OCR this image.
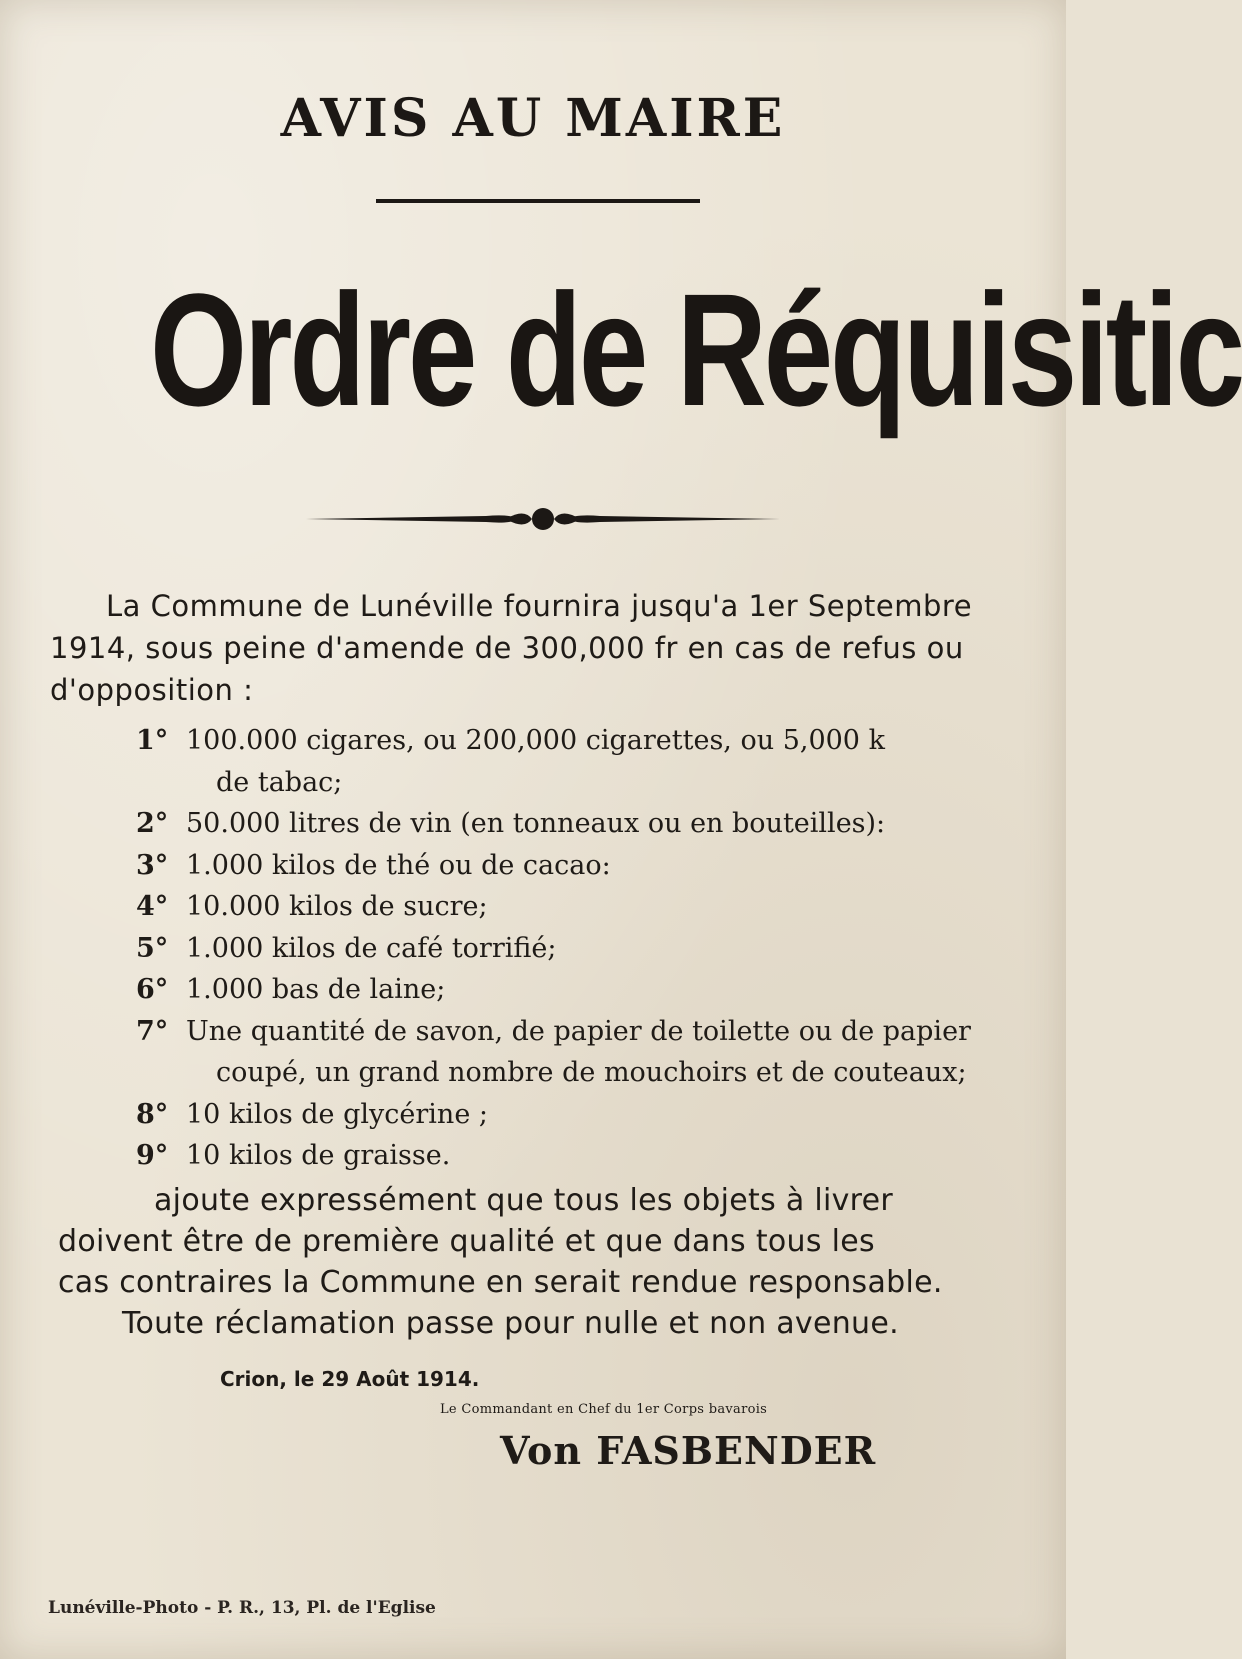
AVIS AU MAIRE
Ordre de Réquisitic
La Commune de Lunéville fournira jusqu'a 1er Septembre 1914, sous peine d'amende de 300,000 fr en cas de refus ou d'opposition :
1° 100.000 cigares, ou 200,000 cigarettes, ou 5,000 k
de tabac;
2° 50.000 litres de vin (en tonneaux ou en bouteilles):
3° 1.000 kilos de thé ou de cacao:
4° 10.000 kilos de sucre;
5° 1.000 kilos de café torrifié;
6° 1.000 bas de laine;
7° Une quantité de savon, de papier de toilette ou de papier
coupé, un grand nombre de mouchoirs et de couteaux;
8° 10 kilos de glycérine ;
9° 10 kilos de graisse.
ajoute expressément que tous les objets à livrer
doivent être de première qualité et que dans tous les
cas contraires la Commune en serait rendue responsable.
Toute réclamation passe pour nulle et non avenue.
Crion, le 29 Août 1914.
Le Commandant en Chef du 1er Corps bavarois
Von FASBENDER
Lunéville-Photo - P. R., 13, Pl. de l'Eglise
